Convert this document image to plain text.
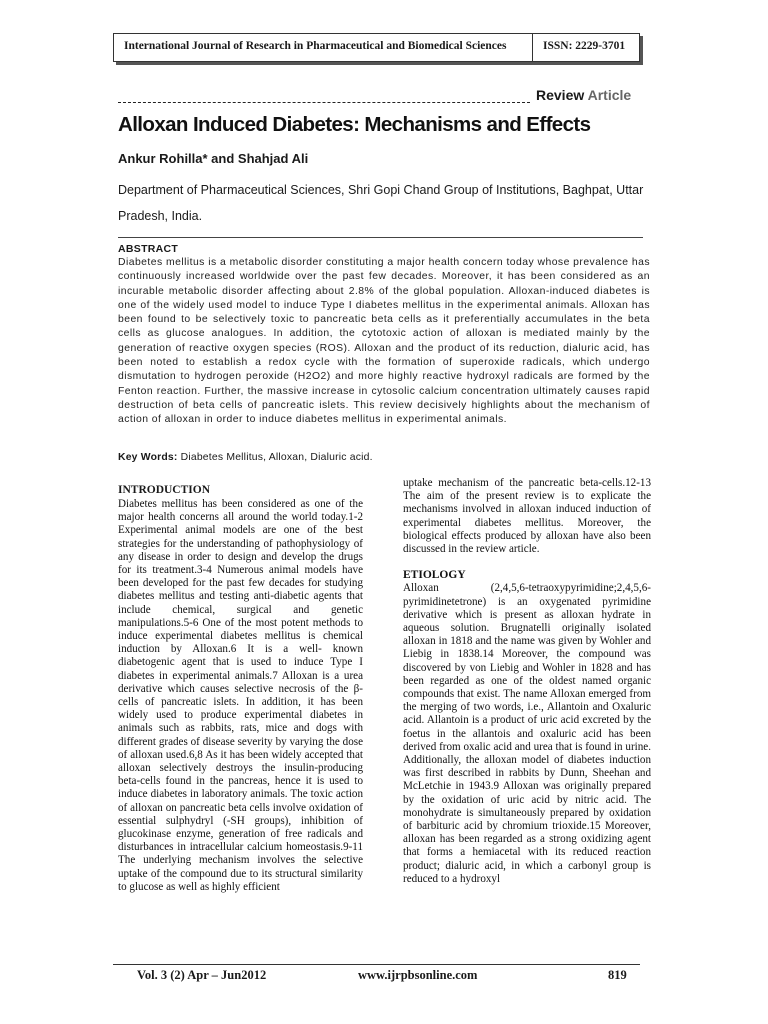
International Journal of Research in Pharmaceutical and Biomedical Sciences	ISSN: 2229-3701
Review Article
Alloxan Induced Diabetes: Mechanisms and Effects
Ankur Rohilla* and Shahjad Ali
Department of Pharmaceutical Sciences, Shri Gopi Chand Group of Institutions, Baghpat, Uttar Pradesh, India.
ABSTRACT
Diabetes mellitus is a metabolic disorder constituting a major health concern today whose prevalence has continuously increased worldwide over the past few decades. Moreover, it has been considered as an incurable metabolic disorder affecting about 2.8% of the global population. Alloxan-induced diabetes is one of the widely used model to induce Type I diabetes mellitus in the experimental animals. Alloxan has been found to be selectively toxic to pancreatic beta cells as it preferentially accumulates in the beta cells as glucose analogues. In addition, the cytotoxic action of alloxan is mediated mainly by the generation of reactive oxygen species (ROS). Alloxan and the product of its reduction, dialuric acid, has been noted to establish a redox cycle with the formation of superoxide radicals, which undergo dismutation to hydrogen peroxide (H2O2) and more highly reactive hydroxyl radicals are formed by the Fenton reaction. Further, the massive increase in cytosolic calcium concentration ultimately causes rapid destruction of beta cells of pancreatic islets. This review decisively highlights about the mechanism of action of alloxan in order to induce diabetes mellitus in experimental animals.
Key Words: Diabetes Mellitus, Alloxan, Dialuric acid.
INTRODUCTION

Diabetes mellitus has been considered as one of the major health concerns all around the world today.1-2 Experimental animal models are one of the best strategies for the understanding of pathophysiology of any disease in order to design and develop the drugs for its treatment.3-4 Numerous animal models have been developed for the past few decades for studying diabetes mellitus and testing anti-diabetic agents that include chemical, surgical and genetic manipulations.5-6 One of the most potent methods to induce experimental diabetes mellitus is chemical induction by Alloxan.6 It is a well- known diabetogenic agent that is used to induce Type I diabetes in experimental animals.7 Alloxan is a urea derivative which causes selective necrosis of the β-cells of pancreatic islets. In addition, it has been widely used to produce experimental diabetes in animals such as rabbits, rats, mice and dogs with different grades of disease severity by varying the dose of alloxan used.6,8 As it has been widely accepted that alloxan selectively destroys the insulin-producing beta-cells found in the pancreas, hence it is used to induce diabetes in laboratory animals. The toxic action of alloxan on pancreatic beta cells involve oxidation of essential sulphydryl (-SH groups), inhibition of glucokinase enzyme, generation of free radicals and disturbances in intracellular calcium homeostasis.9-11 The underlying mechanism involves the selective uptake of the compound due to its structural similarity to glucose as well as highly efficient

uptake mechanism of the pancreatic beta-cells.12-13 The aim of the present review is to explicate the mechanisms involved in alloxan induced induction of experimental diabetes mellitus. Moreover, the biological effects produced by alloxan have also been discussed in the review article.

ETIOLOGY

Alloxan (2,4,5,6-tetraoxypyrimidine;2,4,5,6-pyrimidinetetrone) is an oxygenated pyrimidine derivative which is present as alloxan hydrate in aqueous solution. Brugnatelli originally isolated alloxan in 1818 and the name was given by Wohler and Liebig in 1838.14 Moreover, the compound was discovered by von Liebig and Wohler in 1828 and has been regarded as one of the oldest named organic compounds that exist. The name Alloxan emerged from the merging of two words, i.e., Allantoin and Oxaluric acid. Allantoin is a product of uric acid excreted by the foetus in the allantois and oxaluric acid has been derived from oxalic acid and urea that is found in urine. Additionally, the alloxan model of diabetes induction was first described in rabbits by Dunn, Sheehan and McLetchie in 1943.9 Alloxan was originally prepared by the oxidation of uric acid by nitric acid. The monohydrate is simultaneously prepared by oxidation of barbituric acid by chromium trioxide.15 Moreover, alloxan has been regarded as a strong oxidizing agent that forms a hemiacetal with its reduced reaction product; dialuric acid, in which a carbonyl group is reduced to a hydroxyl

Vol. 3 (2) Apr – Jun2012	www.ijrpbsonline.com	819
